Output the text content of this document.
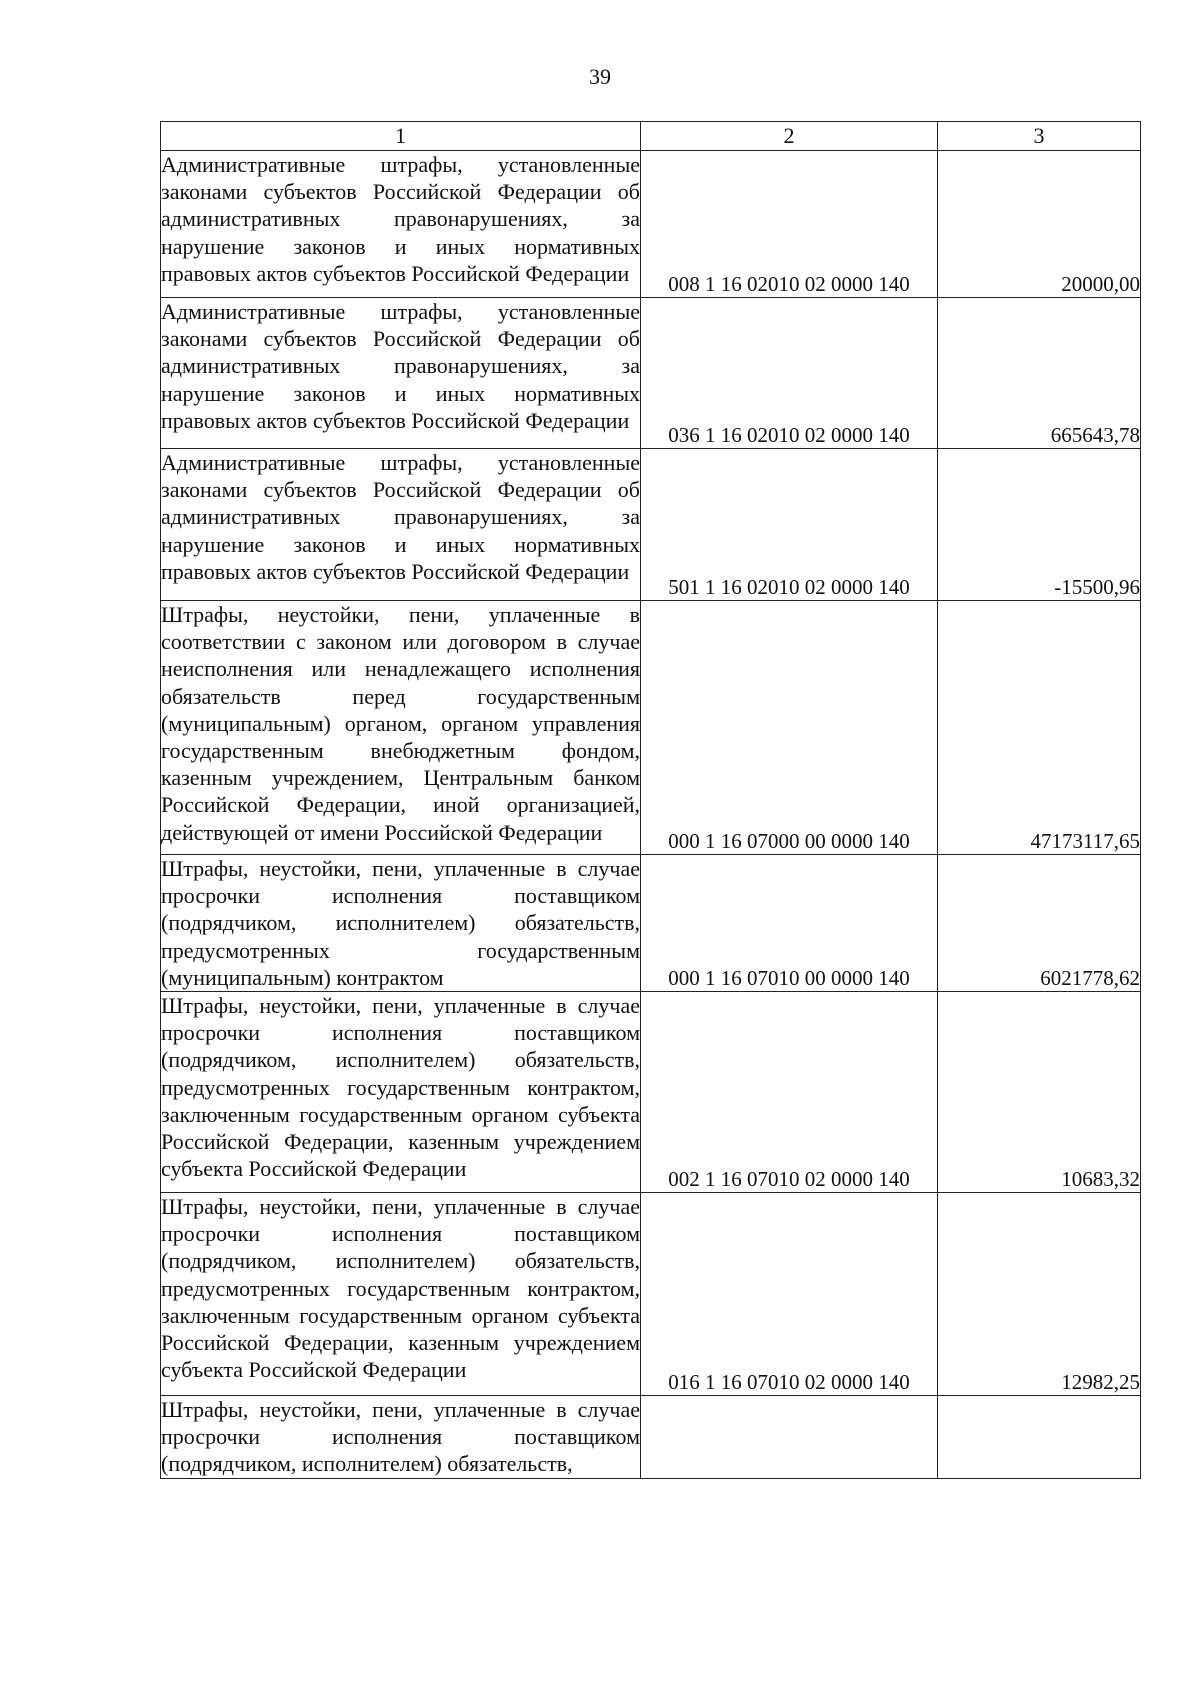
39
1	2	3
Административные штрафы, установленные законами субъектов Российской Федерации об административных правонарушениях, за нарушение законов и иных нормативных правовых актов субъектов Российской Федерации	008 1 16 02010 02 0000 140	20000,00
Административные штрафы, установленные законами субъектов Российской Федерации об административных правонарушениях, за нарушение законов и иных нормативных правовых актов субъектов Российской Федерации	036 1 16 02010 02 0000 140	665643,78
Административные штрафы, установленные законами субъектов Российской Федерации об административных правонарушениях, за нарушение законов и иных нормативных правовых актов субъектов Российской Федерации	501 1 16 02010 02 0000 140	-15500,96
Штрафы, неустойки, пени, уплаченные в соответствии с законом или договором в случае неисполнения или ненадлежащего исполнения обязательств перед государственным (муниципальным) органом, органом управления государственным внебюджетным фондом, казенным учреждением, Центральным банком Российской Федерации, иной организацией, действующей от имени Российской Федерации	000 1 16 07000 00 0000 140	47173117,65
Штрафы, неустойки, пени, уплаченные в случае просрочки исполнения поставщиком (подрядчиком, исполнителем) обязательств, предусмотренных государственным (муниципальным) контрактом	000 1 16 07010 00 0000 140	6021778,62
Штрафы, неустойки, пени, уплаченные в случае просрочки исполнения поставщиком (подрядчиком, исполнителем) обязательств, предусмотренных государственным контрактом, заключенным государственным органом субъекта Российской Федерации, казенным учреждением субъекта Российской Федерации	002 1 16 07010 02 0000 140	10683,32
Штрафы, неустойки, пени, уплаченные в случае просрочки исполнения поставщиком (подрядчиком, исполнителем) обязательств, предусмотренных государственным контрактом, заключенным государственным органом субъекта Российской Федерации, казенным учреждением субъекта Российской Федерации	016 1 16 07010 02 0000 140	12982,25
Штрафы, неустойки, пени, уплаченные в случае просрочки исполнения поставщиком (подрядчиком, исполнителем) обязательств,		
